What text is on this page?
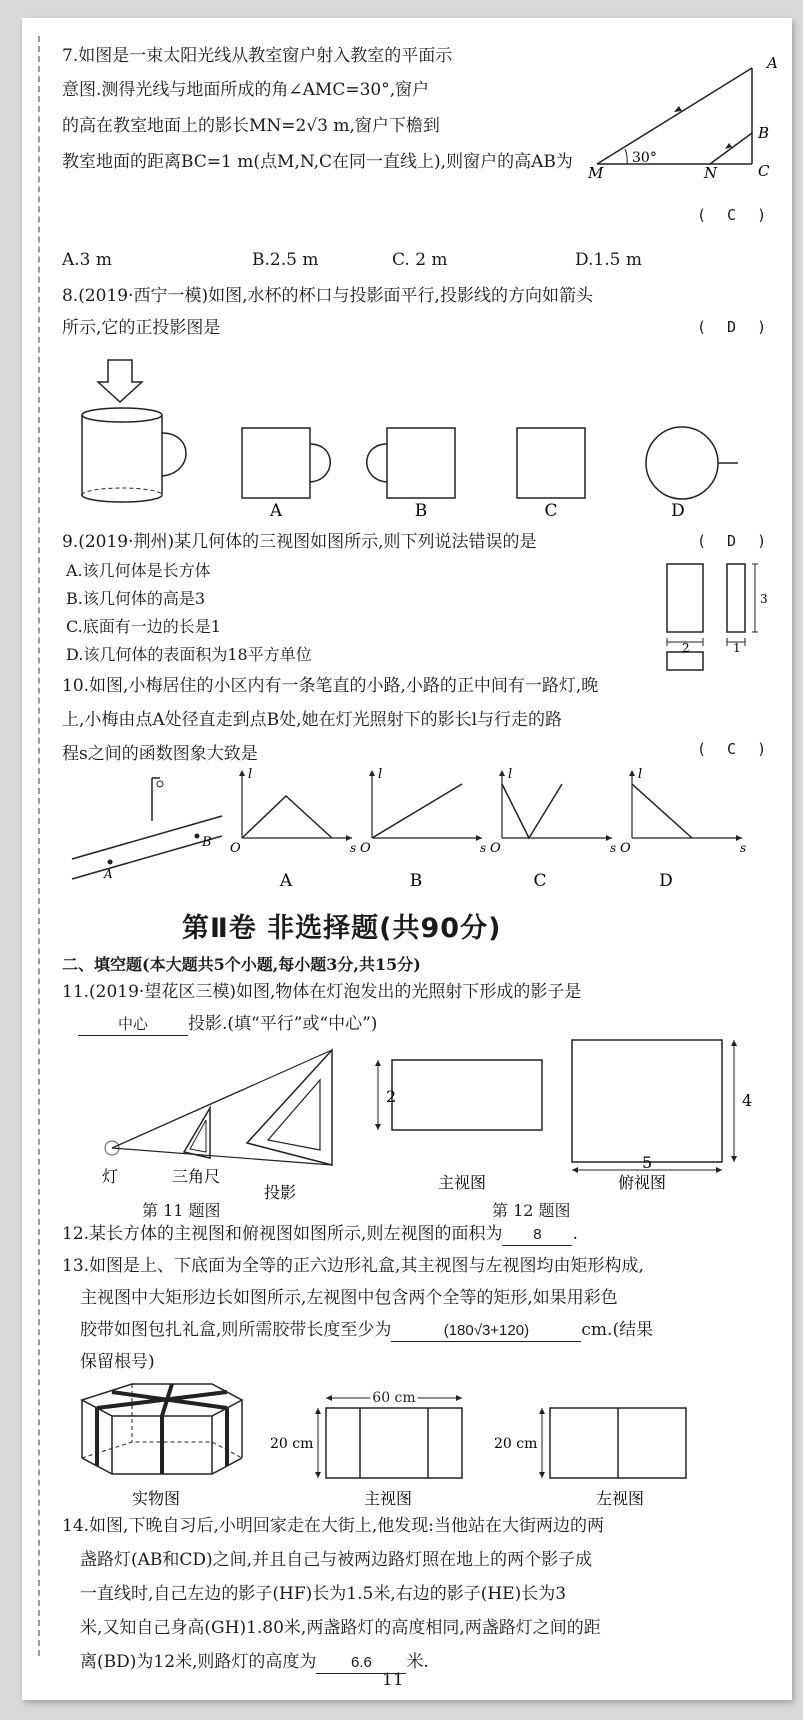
7.如图是一束太阳光线从教室窗户射入教室的平面示
意图.测得光线与地面所成的角∠AMC=30°,窗户
的高在教室地面上的影长MN=2√3 m,窗户下檐到
教室地面的距离BC=1 m(点M,N,C在同一直线上),则窗户的高AB为
( C )
A.3 m	B.2.5 m	C. 2 m	D.1.5 m
A
B
C
M	N
30°
8.(2019·西宁一模)如图,水杯的杯口与投影面平行,投影线的方向如箭头
所示,它的正投影图是	( D )
A	B	C	D
9.(2019·荆州)某几何体的三视图如图所示,则下列说法错误的是	( D )
A.该几何体是长方体
B.该几何体的高是3
C.底面有一边的长是1
D.该几何体的表面积为18平方单位
3
2	1
10.如图,小梅居住的小区内有一条笔直的小路,小路的正中间有一路灯,晚
上,小梅由点A处径直走到点B处,她在灯光照射下的影长l与行走的路
程s之间的函数图象大致是	( C )
A
B
l	l	l	l
s	s	s	s
O	O	O	O
A	B	C	D
第Ⅱ卷 非选择题(共90分)
二、填空题(本大题共5个小题,每小题3分,共15分)
11.(2019·望花区三模)如图,物体在灯泡发出的光照射下形成的影子是
中心 投影.(填“平行”或“中心”)
灯	三角尺
投影
2	4
5
主视图	俯视图
第 11 题图	第 12 题图
12.某长方体的主视图和俯视图如图所示,则左视图的面积为 8 .
13.如图是上、下底面为全等的正六边形礼盒,其主视图与左视图均由矩形构成,
主视图中大矩形边长如图所示,左视图中包含两个全等的矩形,如果用彩色
胶带如图包扎礼盒,则所需胶带长度至少为	(180√3+120)	cm.(结果
保留根号)
60 cm
20 cm	20 cm
实物图	主视图	左视图
14.如图,下晚自习后,小明回家走在大街上,他发现:当他站在大街两边的两
盏路灯(AB和CD)之间,并且自己与被两边路灯照在地上的两个影子成
一直线时,自己左边的影子(HF)长为1.5米,右边的影子(HE)长为3
米,又知自己身高(GH)1.80米,两盏路灯的高度相同,两盏路灯之间的距
离(BD)为12米,则路灯的高度为 6.6 米.
11
